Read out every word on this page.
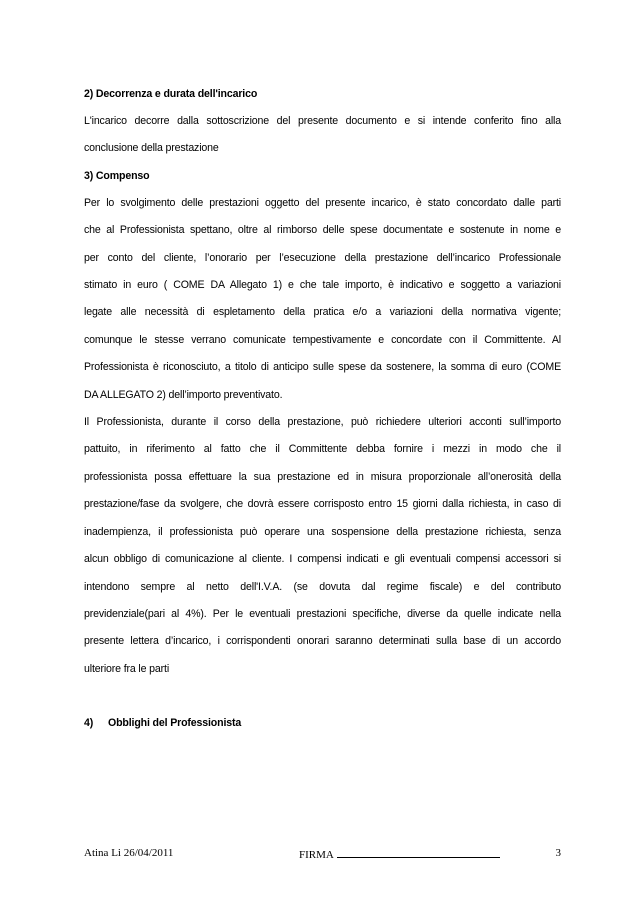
2) Decorrenza e durata dell'incarico

L'incarico decorre dalla sottoscrizione del presente documento e si intende conferito fino alla
conclusione della prestazione

3) Compenso

Per lo svolgimento delle prestazioni oggetto del presente incarico, è stato concordato dalle parti
che al Professionista spettano, oltre al rimborso delle spese documentate e sostenute in nome e
per conto del cliente, l’onorario per l’esecuzione della prestazione dell’incarico Professionale
stimato in euro ( COME DA Allegato 1) e che tale importo, è indicativo e soggetto a variazioni
legate alle necessità di espletamento della pratica e/o a variazioni della normativa vigente;
comunque le stesse verrano comunicate tempestivamente e concordate con il Committente. Al
Professionista è riconosciuto, a titolo di anticipo sulle spese da sostenere, la somma di euro (COME
DA ALLEGATO 2) dell’importo preventivato.

Il Professionista, durante il corso della prestazione, può richiedere ulteriori acconti sull’importo
pattuito, in riferimento al fatto che il Committente debba fornire i mezzi in modo che il
professionista possa effettuare la sua prestazione ed in misura proporzionale all’onerosità della
prestazione/fase da svolgere, che dovrà essere corrisposto entro 15 giorni dalla richiesta, in caso di
inadempienza, il professionista può operare una sospensione della prestazione richiesta, senza
alcun obbligo di comunicazione al cliente. I compensi indicati e gli eventuali compensi accessori si
intendono sempre al netto dell'I.V.A. (se dovuta dal regime fiscale) e del contributo
previdenziale(pari al 4%). Per le eventuali prestazioni specifiche, diverse da quelle indicate nella
presente lettera d’incarico, i corrispondenti onorari saranno determinati sulla base di un accordo
ulteriore fra le parti

4)	Obblighi del Professionista
Atina Li 26/04/2011	FIRMA	3
